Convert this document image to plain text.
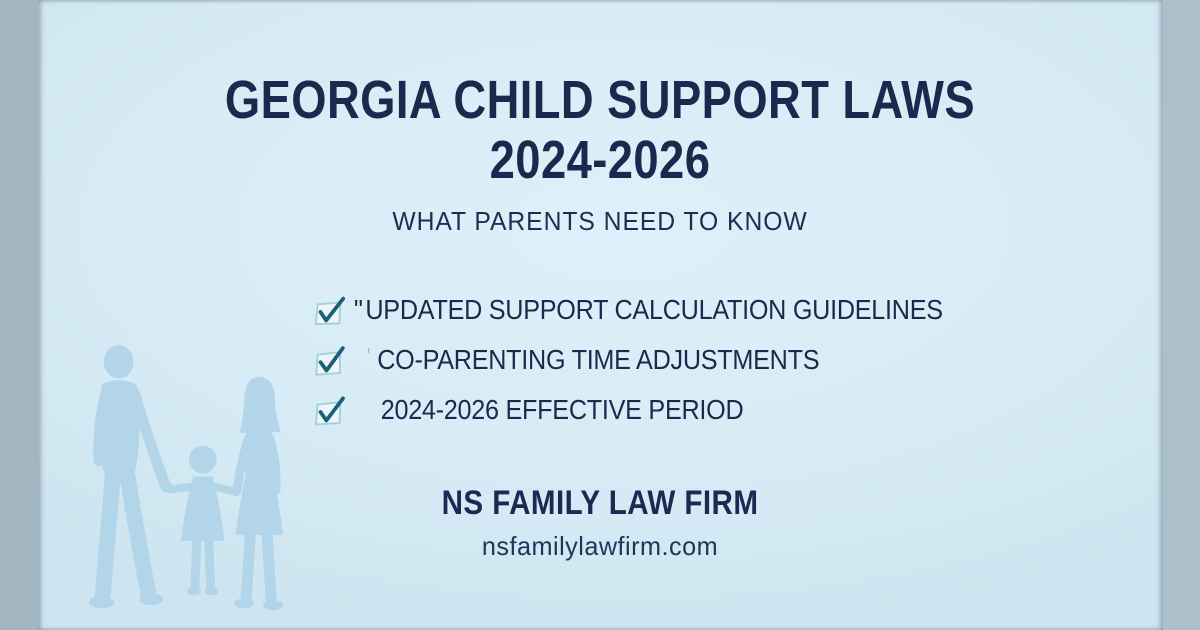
GEORGIA CHILD SUPPORT LAWS
2024-2026
WHAT PARENTS NEED TO KNOW
"UPDATED SUPPORT CALCULATION GUIDELINES
' CO-PARENTING TIME ADJUSTMENTS
2024-2026 EFFECTIVE PERIOD
NS FAMILY LAW FIRM
nsfamilylawfirm.com
